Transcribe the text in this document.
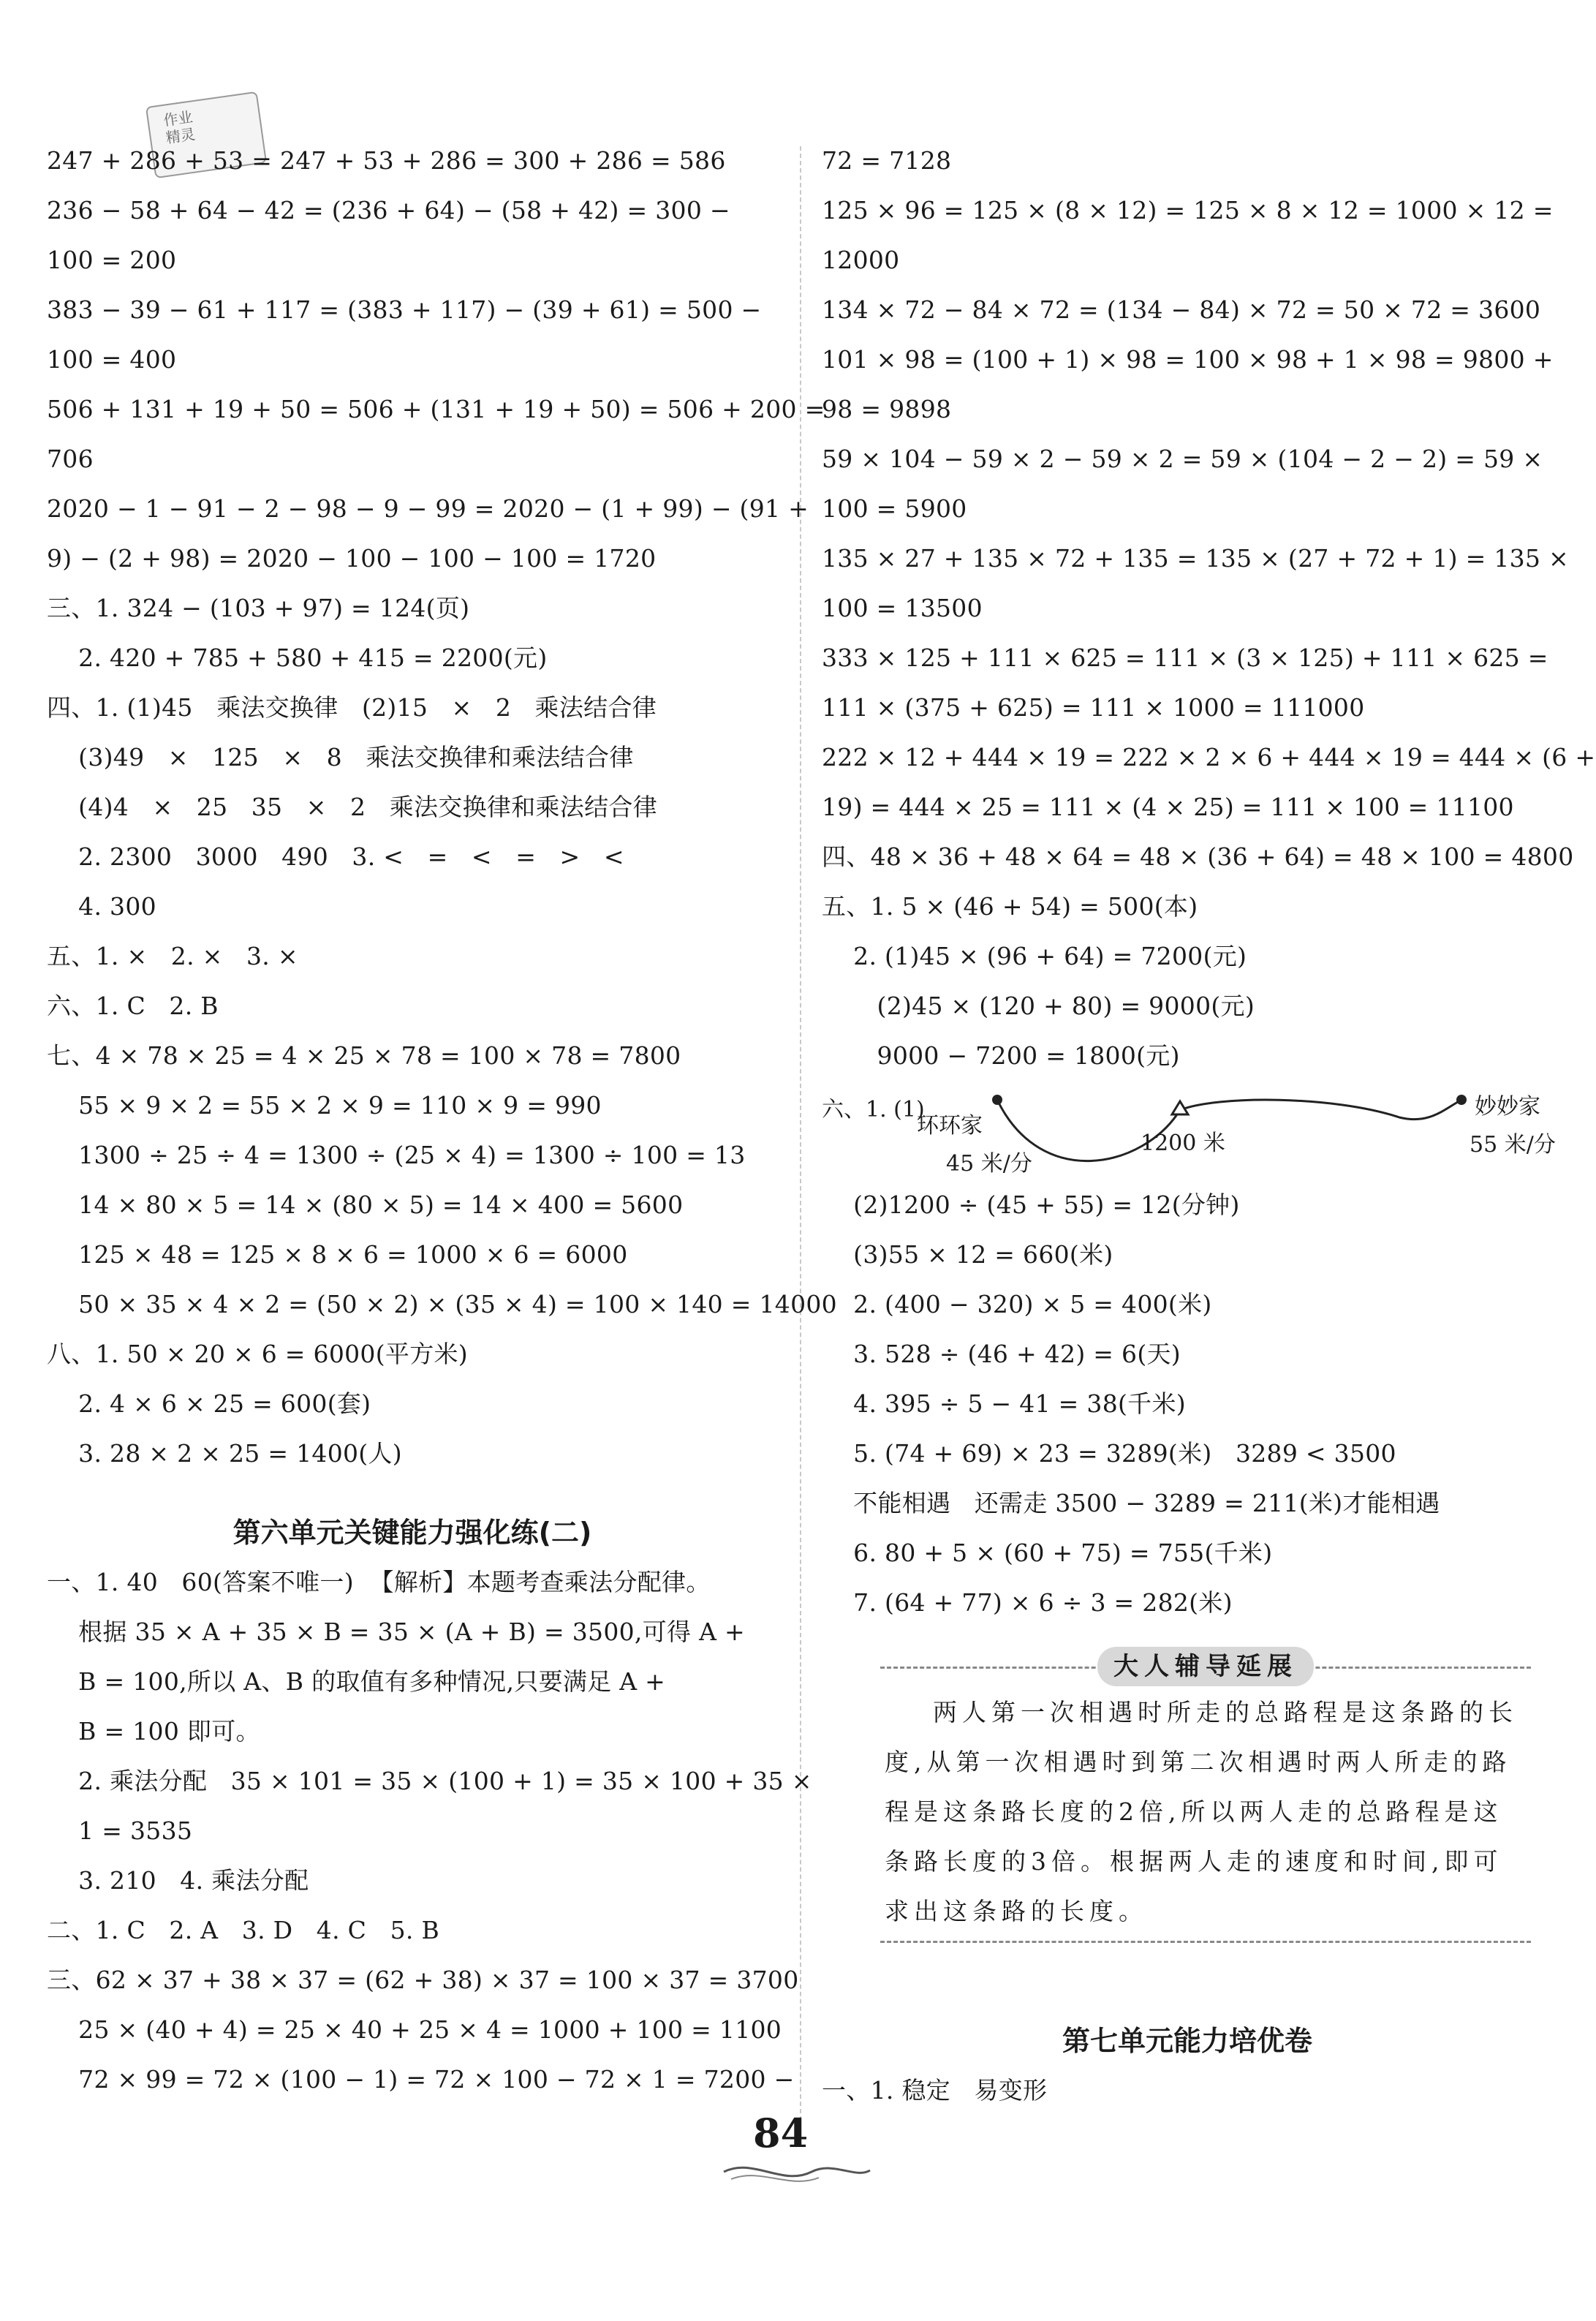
作业
精灵
247 + 286 + 53 = 247 + 53 + 286 = 300 + 286 = 586
236 − 58 + 64 − 42 = (236 + 64) − (58 + 42) = 300 −
100 = 200
383 − 39 − 61 + 117 = (383 + 117) − (39 + 61) = 500 −
100 = 400
506 + 131 + 19 + 50 = 506 + (131 + 19 + 50) = 506 + 200 =
706
2020 − 1 − 91 − 2 − 98 − 9 − 99 = 2020 − (1 + 99) − (91 +
9) − (2 + 98) = 2020 − 100 − 100 − 100 = 1720
三、1. 324 − (103 + 97) = 124(页)
2. 420 + 785 + 580 + 415 = 2200(元)
四、1. (1)45   乘法交换律   (2)15   ×   2   乘法结合律
(3)49   ×   125   ×   8   乘法交换律和乘法结合律
(4)4   ×   25   35   ×   2   乘法交换律和乘法结合律
2. 2300   3000   490   3. <   =   <   =   >   <
4. 300
五、1. ×   2. ×   3. ×
六、1. C   2. B
七、4 × 78 × 25 = 4 × 25 × 78 = 100 × 78 = 7800
55 × 9 × 2 = 55 × 2 × 9 = 110 × 9 = 990
1300 ÷ 25 ÷ 4 = 1300 ÷ (25 × 4) = 1300 ÷ 100 = 13
14 × 80 × 5 = 14 × (80 × 5) = 14 × 400 = 5600
125 × 48 = 125 × 8 × 6 = 1000 × 6 = 6000
50 × 35 × 4 × 2 = (50 × 2) × (35 × 4) = 100 × 140 = 14000
八、1. 50 × 20 × 6 = 6000(平方米)
2. 4 × 6 × 25 = 600(套)
3. 28 × 2 × 25 = 1400(人)
第六单元关键能力强化练(二)
一、1. 40   60(答案不唯一)  【解析】本题考查乘法分配律。
根据 35 × A + 35 × B = 35 × (A + B) = 3500,可得 A +
B = 100,所以 A、B 的取值有多种情况,只要满足 A +
B = 100 即可。
2. 乘法分配   35 × 101 = 35 × (100 + 1) = 35 × 100 + 35 ×
1 = 3535
3. 210   4. 乘法分配
二、1. C   2. A   3. D   4. C   5. B
三、62 × 37 + 38 × 37 = (62 + 38) × 37 = 100 × 37 = 3700
25 × (40 + 4) = 25 × 40 + 25 × 4 = 1000 + 100 = 1100
72 × 99 = 72 × (100 − 1) = 72 × 100 − 72 × 1 = 7200 −
72 = 7128
125 × 96 = 125 × (8 × 12) = 125 × 8 × 12 = 1000 × 12 =
12000
134 × 72 − 84 × 72 = (134 − 84) × 72 = 50 × 72 = 3600
101 × 98 = (100 + 1) × 98 = 100 × 98 + 1 × 98 = 9800 +
98 = 9898
59 × 104 − 59 × 2 − 59 × 2 = 59 × (104 − 2 − 2) = 59 ×
100 = 5900
135 × 27 + 135 × 72 + 135 = 135 × (27 + 72 + 1) = 135 ×
100 = 13500
333 × 125 + 111 × 625 = 111 × (3 × 125) + 111 × 625 =
111 × (375 + 625) = 111 × 1000 = 111000
222 × 12 + 444 × 19 = 222 × 2 × 6 + 444 × 19 = 444 × (6 +
19) = 444 × 25 = 111 × (4 × 25) = 111 × 100 = 11100
四、48 × 36 + 48 × 64 = 48 × (36 + 64) = 48 × 100 = 4800
五、1. 5 × (46 + 54) = 500(本)
2. (1)45 × (96 + 64) = 7200(元)
(2)45 × (120 + 80) = 9000(元)
9000 − 7200 = 1800(元)
六、1. (1)
环环家
45 米/分
1200 米
妙妙家
55 米/分
(2)1200 ÷ (45 + 55) = 12(分钟)
(3)55 × 12 = 660(米)
2. (400 − 320) × 5 = 400(米)
3. 528 ÷ (46 + 42) = 6(天)
4. 395 ÷ 5 − 41 = 38(千米)
5. (74 + 69) × 23 = 3289(米)   3289 < 3500
不能相遇   还需走 3500 − 3289 = 211(米)才能相遇
6. 80 + 5 × (60 + 75) = 755(千米)
7. (64 + 77) × 6 ÷ 3 = 282(米)
大人辅导延展
两人第一次相遇时所走的总路程是这条路的长度,从第一次相遇时到第二次相遇时两人所走的路程是这条路长度的2倍,所以两人走的总路程是这条路长度的3倍。根据两人走的速度和时间,即可求出这条路的长度。
第七单元能力培优卷
一、1. 稳定   易变形
84
